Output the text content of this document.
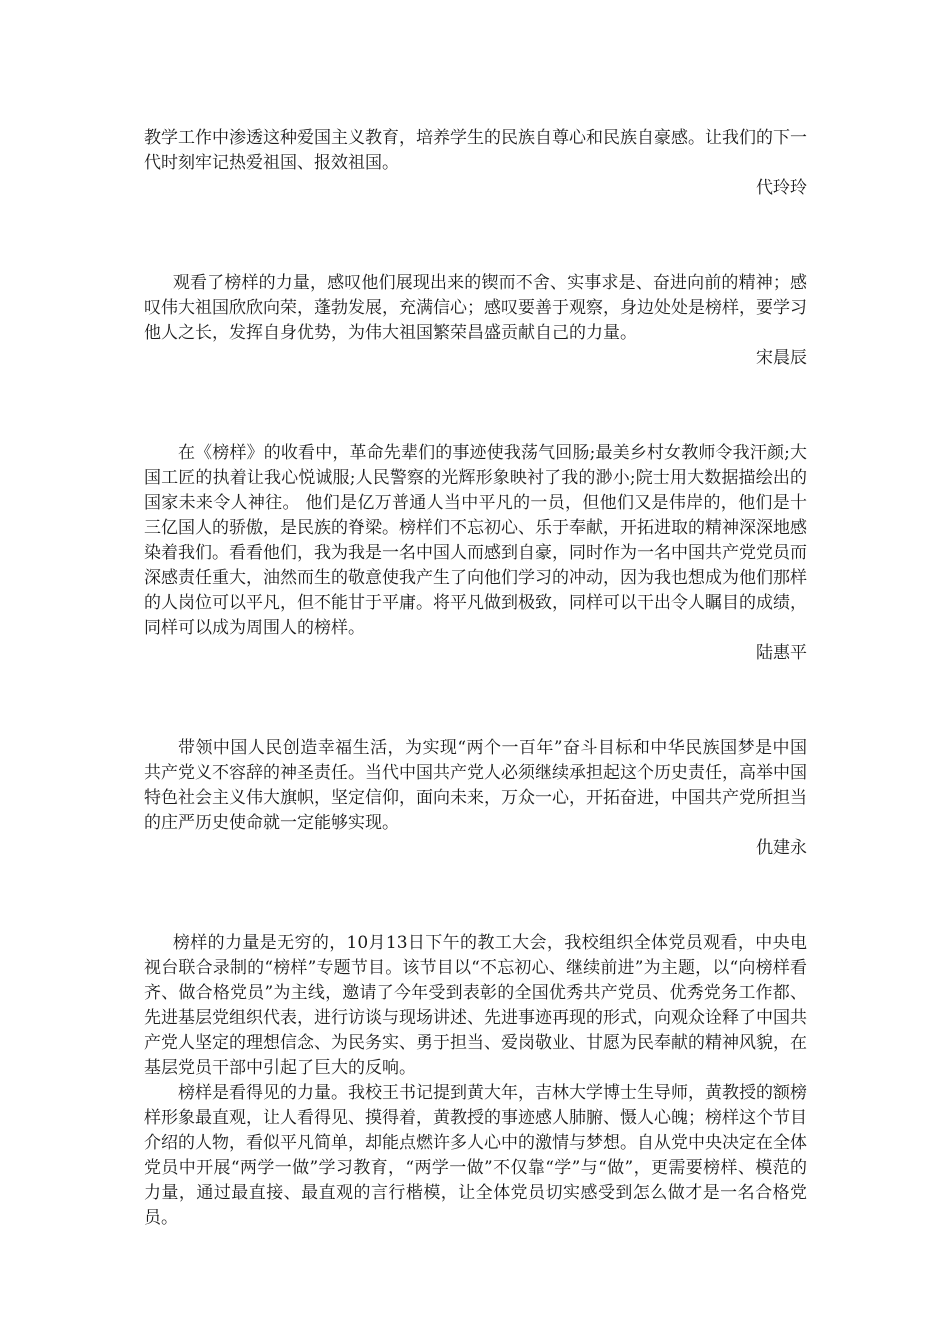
教学工作中渗透这种爱国主义教育，培养学生的民族自尊心和民族自豪感。让我们的下一代时刻牢记热爱祖国、报效祖国。

代玲玲

观看了榜样的力量，感叹他们展现出来的锲而不舍、实事求是、奋进向前的精神；感叹伟大祖国欣欣向荣，蓬勃发展，充满信心；感叹要善于观察，身边处处是榜样，要学习他人之长，发挥自身优势，为伟大祖国繁荣昌盛贡献自己的力量。

宋晨辰

在《榜样》的收看中，革命先辈们的事迹使我荡气回肠;最美乡村女教师令我汗颜;大国工匠的执着让我心悦诚服;人民警察的光辉形象映衬了我的渺小;院士用大数据描绘出的国家未来令人神往。 他们是亿万普通人当中平凡的一员，但他们又是伟岸的，他们是十三亿国人的骄傲，是民族的脊梁。榜样们不忘初心、乐于奉献，开拓进取的精神深深地感染着我们。看看他们，我为我是一名中国人而感到自豪，同时作为一名中国共产党党员而深感责任重大，油然而生的敬意使我产生了向他们学习的冲动，因为我也想成为他们那样的人岗位可以平凡，但不能甘于平庸。将平凡做到极致，同样可以干出令人瞩目的成绩，同样可以成为周围人的榜样。

陆惠平

带领中国人民创造幸福生活，为实现“两个一百年”奋斗目标和中华民族国梦是中国共产党义不容辞的神圣责任。当代中国共产党人必须继续承担起这个历史责任，高举中国特色社会主义伟大旗帜，坚定信仰，面向未来，万众一心，开拓奋进，中国共产党所担当的庄严历史使命就一定能够实现。

仇建永

榜样的力量是无穷的，10月13日下午的教工大会，我校组织全体党员观看，中央电视台联合录制的“榜样”专题节目。该节目以“不忘初心、继续前进”为主题，以“向榜样看齐、做合格党员”为主线，邀请了今年受到表彰的全国优秀共产党员、优秀党务工作都、先进基层党组织代表，进行访谈与现场讲述、先进事迹再现的形式，向观众诠释了中国共产党人坚定的理想信念、为民务实、勇于担当、爱岗敬业、甘愿为民奉献的精神风貌，在基层党员干部中引起了巨大的反响。

榜样是看得见的力量。我校王书记提到黄大年，吉林大学博士生导师，黄教授的额榜样形象最直观，让人看得见、摸得着，黄教授的事迹感人肺腑、慑人心魄；榜样这个节目介绍的人物，看似平凡简单，却能点燃许多人心中的激情与梦想。自从党中央决定在全体党员中开展“两学一做”学习教育，“两学一做”不仅靠“学”与“做”，更需要榜样、模范的力量，通过最直接、最直观的言行楷模，让全体党员切实感受到怎么做才是一名合格党员。
